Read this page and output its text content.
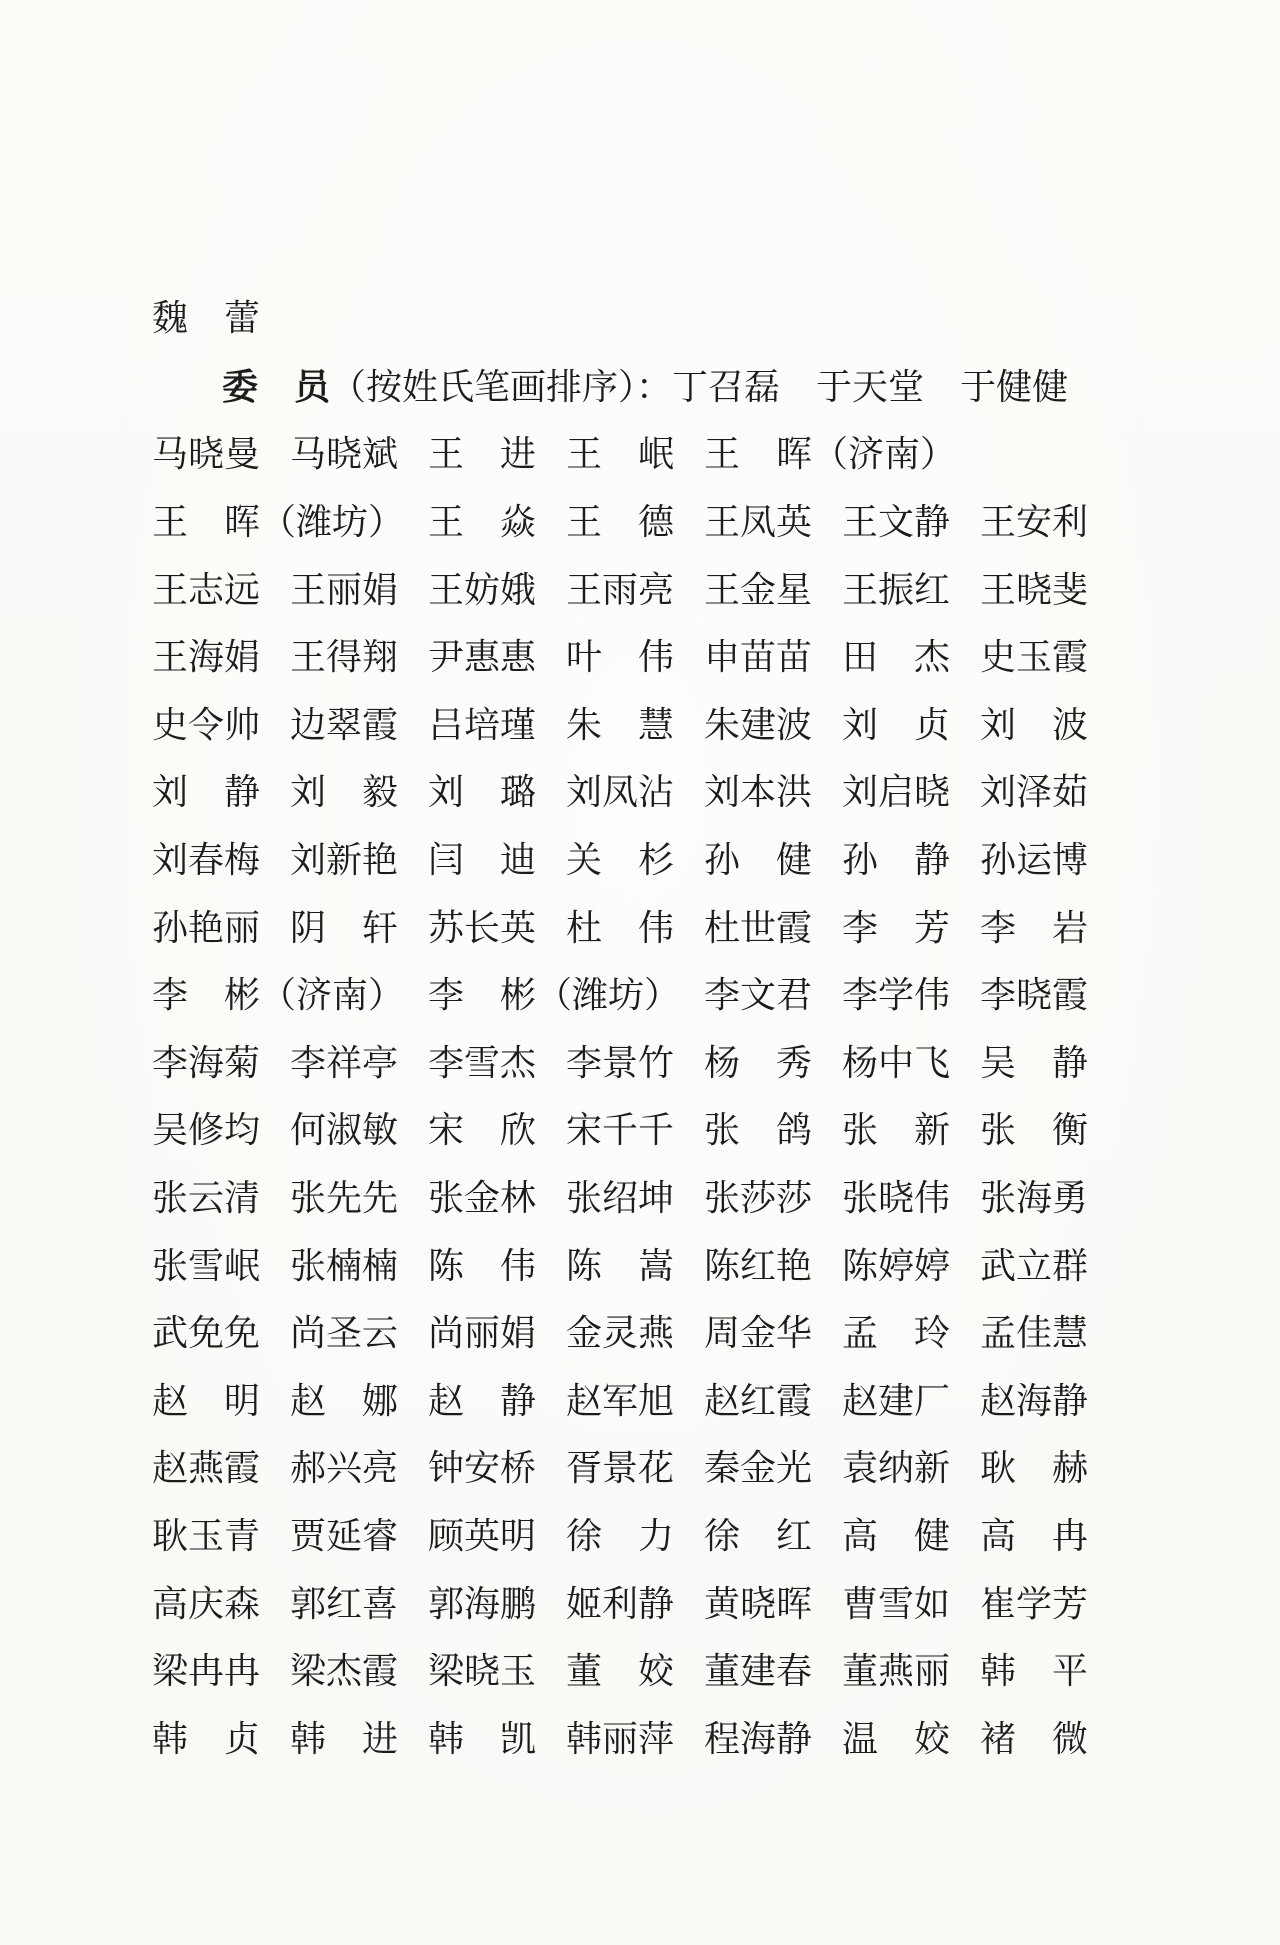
魏　蕾
委　员（按姓氏笔画排序）：丁召磊 于天堂 于健健
马晓曼 马晓斌 王　进 王　岷 王　晖（济南）
王　晖（潍坊） 王　焱 王　德 王凤英 王文静 王安利
王志远 王丽娟 王妨娥 王雨亮 王金星 王振红 王晓斐
王海娟 王得翔 尹惠惠 叶　伟 申苗苗 田　杰 史玉霞
史令帅 边翠霞 吕培瑾 朱　慧 朱建波 刘　贞 刘　波
刘　静 刘　毅 刘　璐 刘凤沾 刘本洪 刘启晓 刘泽茹
刘春梅 刘新艳 闫　迪 关　杉 孙　健 孙　静 孙运博
孙艳丽 阴　轩 苏长英 杜　伟 杜世霞 李　芳 李　岩
李　彬（济南） 李　彬（潍坊） 李文君 李学伟 李晓霞
李海菊 李祥亭 李雪杰 李景竹 杨　秀 杨中飞 吴　静
吴修均 何淑敏 宋　欣 宋千千 张　鸽 张　新 张　衡
张云清 张先先 张金林 张绍坤 张莎莎 张晓伟 张海勇
张雪岷 张楠楠 陈　伟 陈　嵩 陈红艳 陈婷婷 武立群
武免免 尚圣云 尚丽娟 金灵燕 周金华 孟　玲 孟佳慧
赵　明 赵　娜 赵　静 赵军旭 赵红霞 赵建厂 赵海静
赵燕霞 郝兴亮 钟安桥 胥景花 秦金光 袁纳新 耿　赫
耿玉青 贾延睿 顾英明 徐　力 徐　红 高　健 高　冉
高庆森 郭红喜 郭海鹏 姬利静 黄晓晖 曹雪如 崔学芳
梁冉冉 梁杰霞 梁晓玉 董　姣 董建春 董燕丽 韩　平
韩　贞 韩　进 韩　凯 韩丽萍 程海静 温　姣 褚　微
